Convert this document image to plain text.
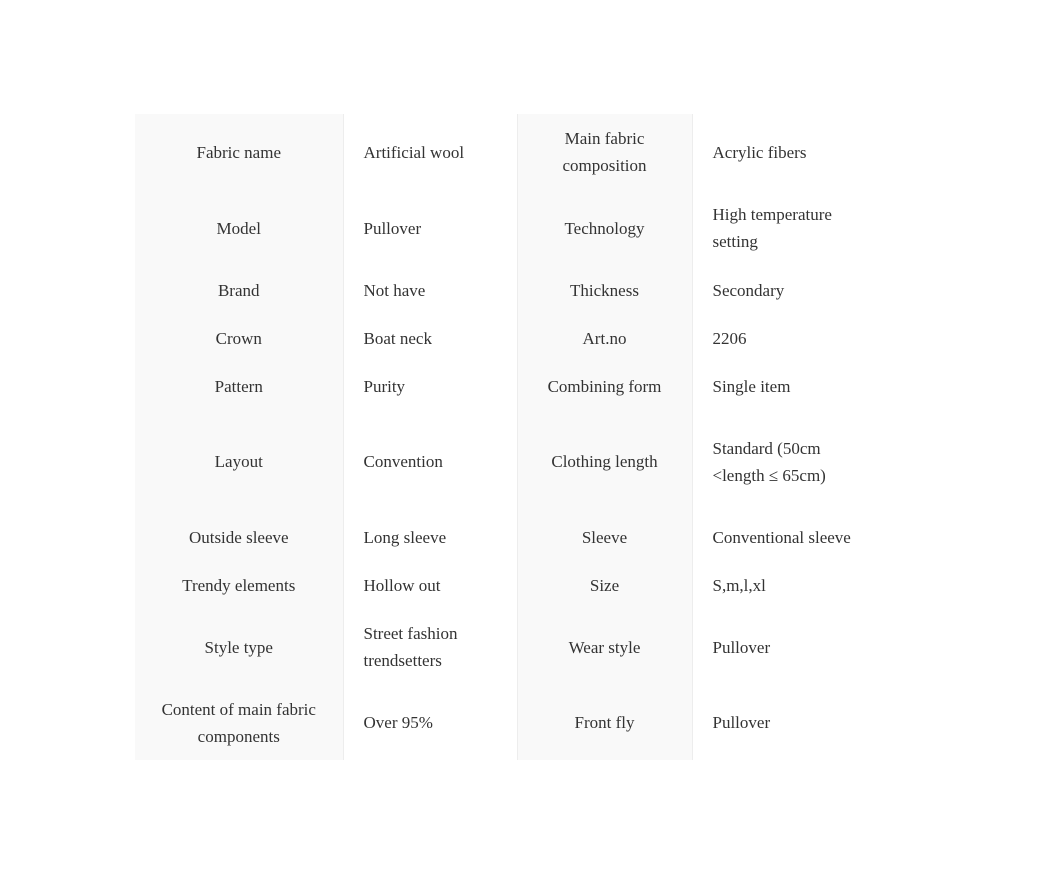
Fabric name	Artificial wool	Main fabric composition	Acrylic fibers
Model	Pullover	Technology	High temperature setting
Brand	Not have	Thickness	Secondary
Crown	Boat neck	Art.no	2206
Pattern	Purity	Combining form	Single item
Layout	Convention	Clothing length	Standard (50cm <length ≤ 65cm)
Outside sleeve	Long sleeve	Sleeve	Conventional sleeve
Trendy elements	Hollow out	Size	S,m,l,xl
Style type	Street fashion trendsetters	Wear style	Pullover
Content of main fabric components	Over 95%	Front fly	Pullover
